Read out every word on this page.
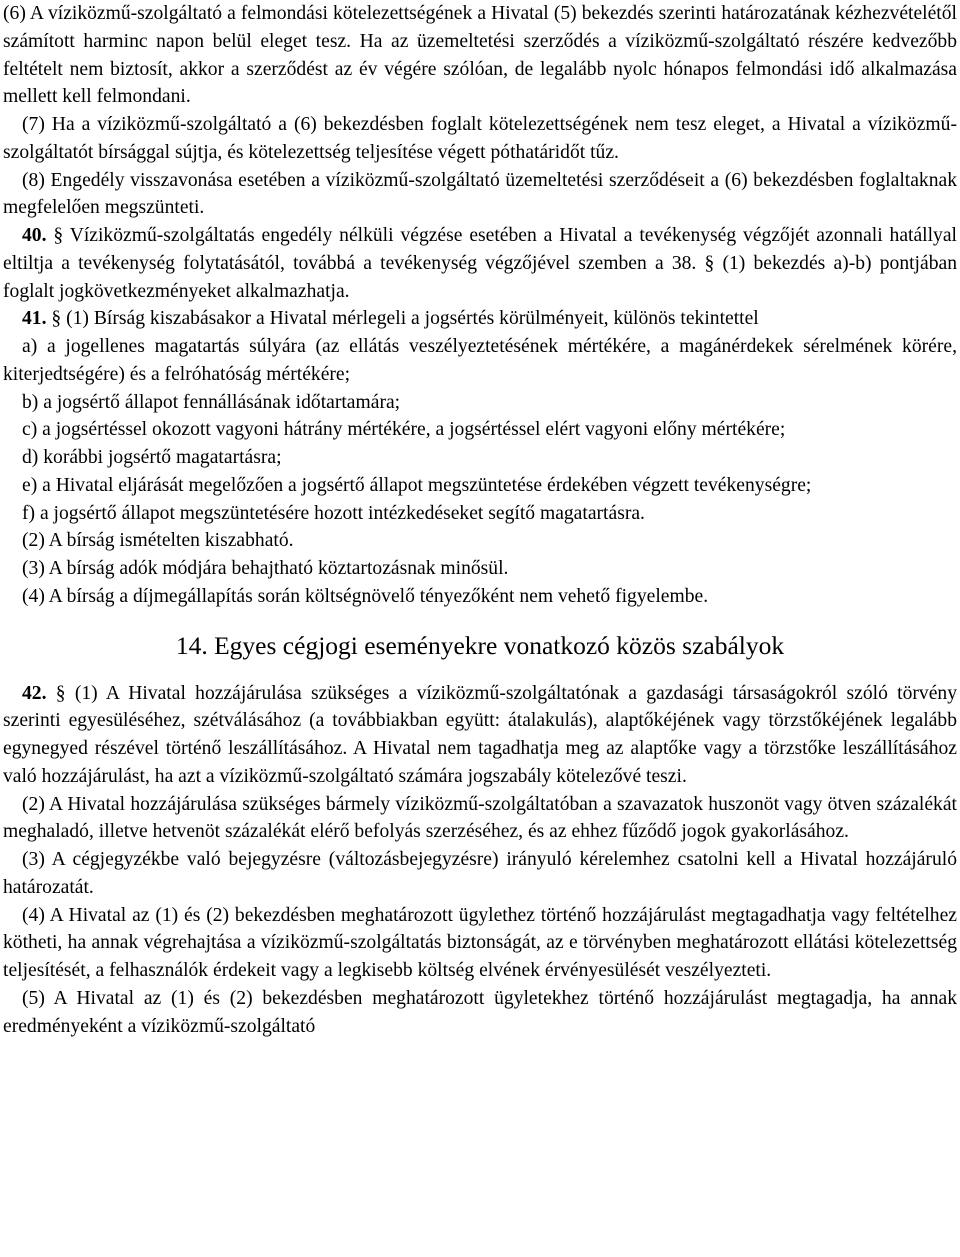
(6) A víziközmű-szolgáltató a felmondási kötelezettségének a Hivatal (5) bekezdés szerinti határozatának kézhezvételétől számított harminc napon belül eleget tesz. Ha az üzemeltetési szerződés a víziközmű-szolgáltató részére kedvezőbb feltételt nem biztosít, akkor a szerződést az év végére szólóan, de legalább nyolc hónapos felmondási idő alkalmazása mellett kell felmondani.

(7) Ha a víziközmű-szolgáltató a (6) bekezdésben foglalt kötelezettségének nem tesz eleget, a Hivatal a víziközmű-szolgáltatót bírsággal sújtja, és kötelezettség teljesítése végett póthatáridőt tűz.

(8) Engedély visszavonása esetében a víziközmű-szolgáltató üzemeltetési szerződéseit a (6) bekezdésben foglaltaknak megfelelően megszünteti.

40. § Víziközmű-szolgáltatás engedély nélküli végzése esetében a Hivatal a tevékenység végzőjét azonnali hatállyal eltiltja a tevékenység folytatásától, továbbá a tevékenység végzőjével szemben a 38. § (1) bekezdés a)-b) pontjában foglalt jogkövetkezményeket alkalmazhatja.

41. § (1) Bírság kiszabásakor a Hivatal mérlegeli a jogsértés körülményeit, különös tekintettel

a) a jogellenes magatartás súlyára (az ellátás veszélyeztetésének mértékére, a magánérdekek sérelmének körére, kiterjedtségére) és a felróhatóság mértékére;

b) a jogsértő állapot fennállásának időtartamára;

c) a jogsértéssel okozott vagyoni hátrány mértékére, a jogsértéssel elért vagyoni előny mértékére;

d) korábbi jogsértő magatartásra;

e) a Hivatal eljárását megelőzően a jogsértő állapot megszüntetése érdekében végzett tevékenységre;

f) a jogsértő állapot megszüntetésére hozott intézkedéseket segítő magatartásra.

(2) A bírság ismételten kiszabható.

(3) A bírság adók módjára behajtható köztartozásnak minősül.

(4) A bírság a díjmegállapítás során költségnövelő tényezőként nem vehető figyelembe.

14. Egyes cégjogi eseményekre vonatkozó közös szabályok

42. § (1) A Hivatal hozzájárulása szükséges a víziközmű-szolgáltatónak a gazdasági társaságokról szóló törvény szerinti egyesüléséhez, szétválásához (a továbbiakban együtt: átalakulás), alaptőkéjének vagy törzstőkéjének legalább egynegyed részével történő leszállításához. A Hivatal nem tagadhatja meg az alaptőke vagy a törzstőke leszállításához való hozzájárulást, ha azt a víziközmű-szolgáltató számára jogszabály kötelezővé teszi.

(2) A Hivatal hozzájárulása szükséges bármely víziközmű-szolgáltatóban a szavazatok huszonöt vagy ötven százalékát meghaladó, illetve hetvenöt százalékát elérő befolyás szerzéséhez, és az ehhez fűződő jogok gyakorlásához.

(3) A cégjegyzékbe való bejegyzésre (változásbejegyzésre) irányuló kérelemhez csatolni kell a Hivatal hozzájáruló határozatát.

(4) A Hivatal az (1) és (2) bekezdésben meghatározott ügylethez történő hozzájárulást megtagadhatja vagy feltételhez kötheti, ha annak végrehajtása a víziközmű-szolgáltatás biztonságát, az e törvényben meghatározott ellátási kötelezettség teljesítését, a felhasználók érdekeit vagy a legkisebb költség elvének érvényesülését veszélyezteti.

(5) A Hivatal az (1) és (2) bekezdésben meghatározott ügyletekhez történő hozzájárulást megtagadja, ha annak eredményeként a víziközmű-szolgáltató
